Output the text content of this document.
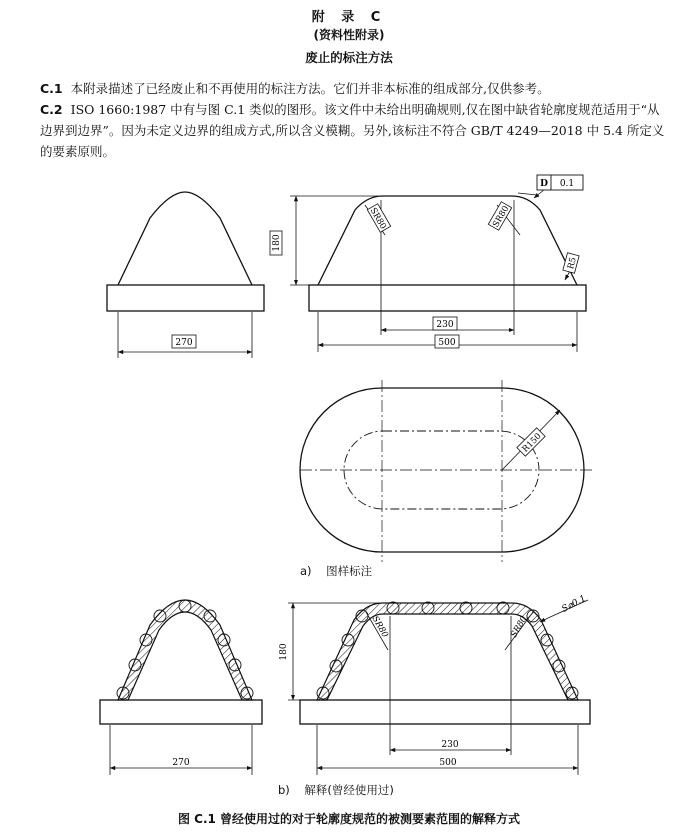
附 录 C
(资料性附录)
废止的标注方法
C.1 本附录描述了已经废止和不再使用的标注方法。它们并非本标准的组成部分,仅供参考。
C.2 ISO 1660:1987 中有与图 C.1 类似的图形。该文件中未给出明确规则,仅在图中缺省轮廓度规范适用于“从边界到边界”。因为未定义边界的组成方式,所以含义模糊。另外,该标注不符合 GB/T 4249—2018 中 5.4 所定义的要素原则。
270
180
230
500
SR80	SR80
R5
D 0.1
R150
270
180
230
500
SR80	SR80
S⌀0.1
a) 图样标注
b) 解释(曾经使用过)
图 C.1 曾经使用过的对于轮廓度规范的被测要素范围的解释方式
